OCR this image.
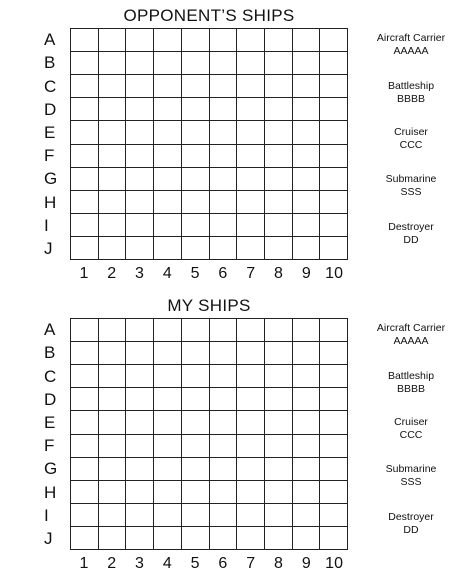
OPPONENT’S SHIPS
A
B
C
D
E
F
G
H
I
J
1	2	3	4	5	6	7	8	9 10
Aircraft Carrier
AAAAA
Battleship
BBBB
Cruiser
CCC
Submarine
SSS
Destroyer
DD
MY SHIPS
A
B
C
D
E
F
G
H
I
J
1	2	3	4	5	6	7	8	9 10
Aircraft Carrier
AAAAA
Battleship
BBBB
Cruiser
CCC
Submarine
SSS
Destroyer
DD
